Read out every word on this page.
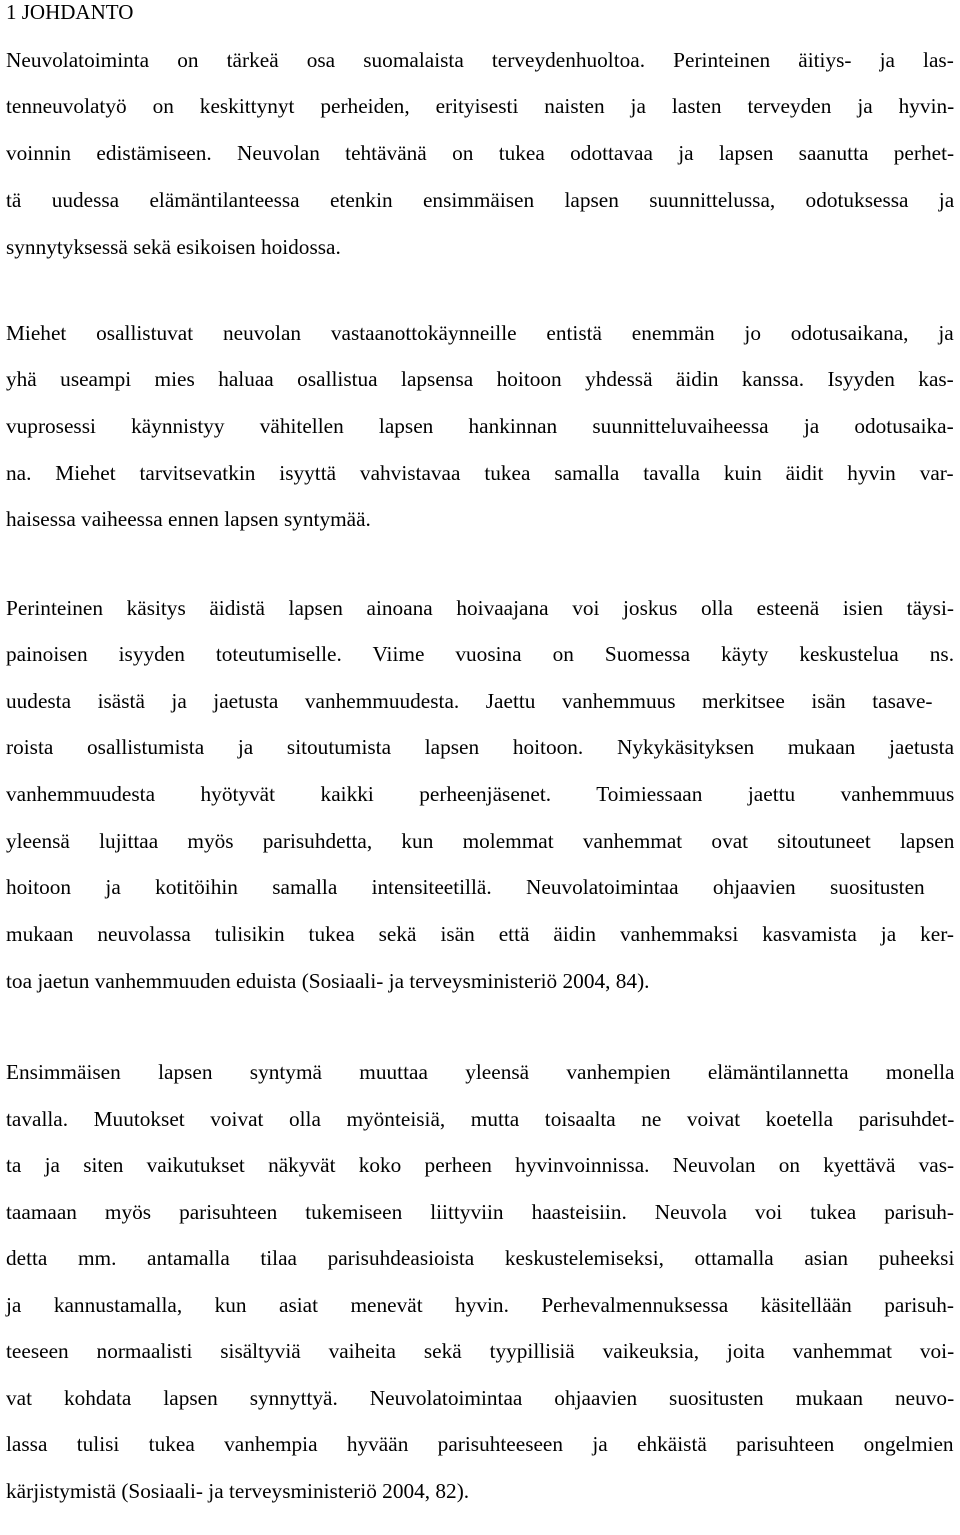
1 JOHDANTO
Neuvolatoiminta on tärkeä osa suomalaista terveydenhuoltoa. Perinteinen äitiys- ja las-
tenneuvolatyö on keskittynyt perheiden, erityisesti naisten ja lasten terveyden ja hyvin-
voinnin edistämiseen. Neuvolan tehtävänä on tukea odottavaa ja lapsen saanutta perhet-
tä uudessa elämäntilanteessa etenkin ensimmäisen lapsen suunnittelussa, odotuksessa ja
synnytyksessä sekä esikoisen hoidossa.
Miehet osallistuvat neuvolan vastaanottokäynneille entistä enemmän jo odotusaikana, ja
yhä useampi mies haluaa osallistua lapsensa hoitoon yhdessä äidin kanssa. Isyyden kas-
vuprosessi käynnistyy vähitellen lapsen hankinnan suunnitteluvaiheessa ja odotusaika-
na. Miehet tarvitsevatkin isyyttä vahvistavaa tukea samalla tavalla kuin äidit hyvin var-
haisessa vaiheessa ennen lapsen syntymää.
Perinteinen käsitys äidistä lapsen ainoana hoivaajana voi joskus olla esteenä isien täysi-
painoisen isyyden toteutumiselle. Viime vuosina on Suomessa käyty keskustelua ns.
uudesta isästä ja jaetusta vanhemmuudesta. Jaettu vanhemmuus merkitsee isän tasave-
roista osallistumista ja sitoutumista lapsen hoitoon. Nykykäsityksen mukaan jaetusta
vanhemmuudesta hyötyvät kaikki perheenjäsenet. Toimiessaan jaettu vanhemmuus
yleensä lujittaa myös parisuhdetta, kun molemmat vanhemmat ovat sitoutuneet lapsen
hoitoon ja kotitöihin samalla intensiteetillä. Neuvolatoimintaa ohjaavien suositusten
mukaan neuvolassa tulisikin tukea sekä isän että äidin vanhemmaksi kasvamista ja ker-
toa jaetun vanhemmuuden eduista (Sosiaali- ja terveysministeriö 2004, 84).
Ensimmäisen lapsen syntymä muuttaa yleensä vanhempien elämäntilannetta monella
tavalla. Muutokset voivat olla myönteisiä, mutta toisaalta ne voivat koetella parisuhdet-
ta ja siten vaikutukset näkyvät koko perheen hyvinvoinnissa. Neuvolan on kyettävä vas-
taamaan myös parisuhteen tukemiseen liittyviin haasteisiin. Neuvola voi tukea parisuh-
detta mm. antamalla tilaa parisuhdeasioista keskustelemiseksi, ottamalla asian puheeksi
ja kannustamalla, kun asiat menevät hyvin. Perhevalmennuksessa käsitellään parisuh-
teeseen normaalisti sisältyviä vaiheita sekä tyypillisiä vaikeuksia, joita vanhemmat voi-
vat kohdata lapsen synnyttyä. Neuvolatoimintaa ohjaavien suositusten mukaan neuvo-
lassa tulisi tukea vanhempia hyvään parisuhteeseen ja ehkäistä parisuhteen ongelmien
kärjistymistä (Sosiaali- ja terveysministeriö 2004, 82).
